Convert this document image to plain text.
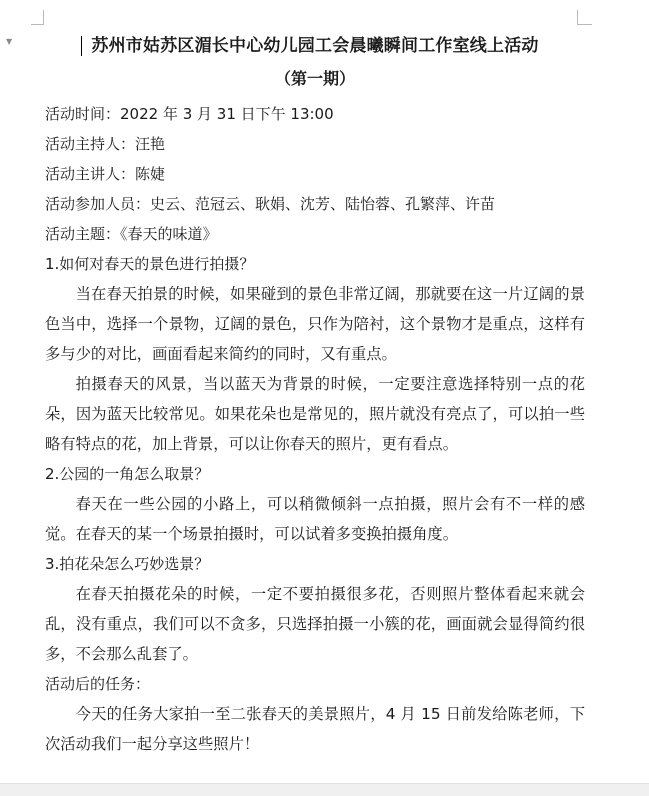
▼	苏州市姑苏区湄长中心幼儿园工会晨曦瞬间工作室线上活动
（第一期）
活动时间：2022 年 3 月 31 日下午 13:00
活动主持人：汪艳
活动主讲人：陈婕
活动参加人员：史云、范冠云、耿娟、沈芳、陆怡蓉、孔繁萍、许苗
活动主题：《春天的味道》
1.如何对春天的景色进行拍摄？

当在春天拍景的时候，如果碰到的景色非常辽阔，那就要在这一片辽阔的景色当中，选择一个景物，辽阔的景色，只作为陪衬，这个景物才是重点，这样有多与少的对比，画面看起来简约的同时，又有重点。

拍摄春天的风景，当以蓝天为背景的时候，一定要注意选择特别一点的花朵，因为蓝天比较常见。如果花朵也是常见的，照片就没有亮点了，可以拍一些略有特点的花，加上背景，可以让你春天的照片，更有看点。

2.公园的一角怎么取景？

春天在一些公园的小路上，可以稍微倾斜一点拍摄，照片会有不一样的感觉。在春天的某一个场景拍摄时，可以试着多变换拍摄角度。

3.拍花朵怎么巧妙选景？

在春天拍摄花朵的时候，一定不要拍摄很多花，否则照片整体看起来就会乱，没有重点，我们可以不贪多，只选择拍摄一小簇的花，画面就会显得简约很多，不会那么乱套了。

活动后的任务：

今天的任务大家拍一至二张春天的美景照片，4 月 15 日前发给陈老师，下次活动我们一起分享这些照片！
